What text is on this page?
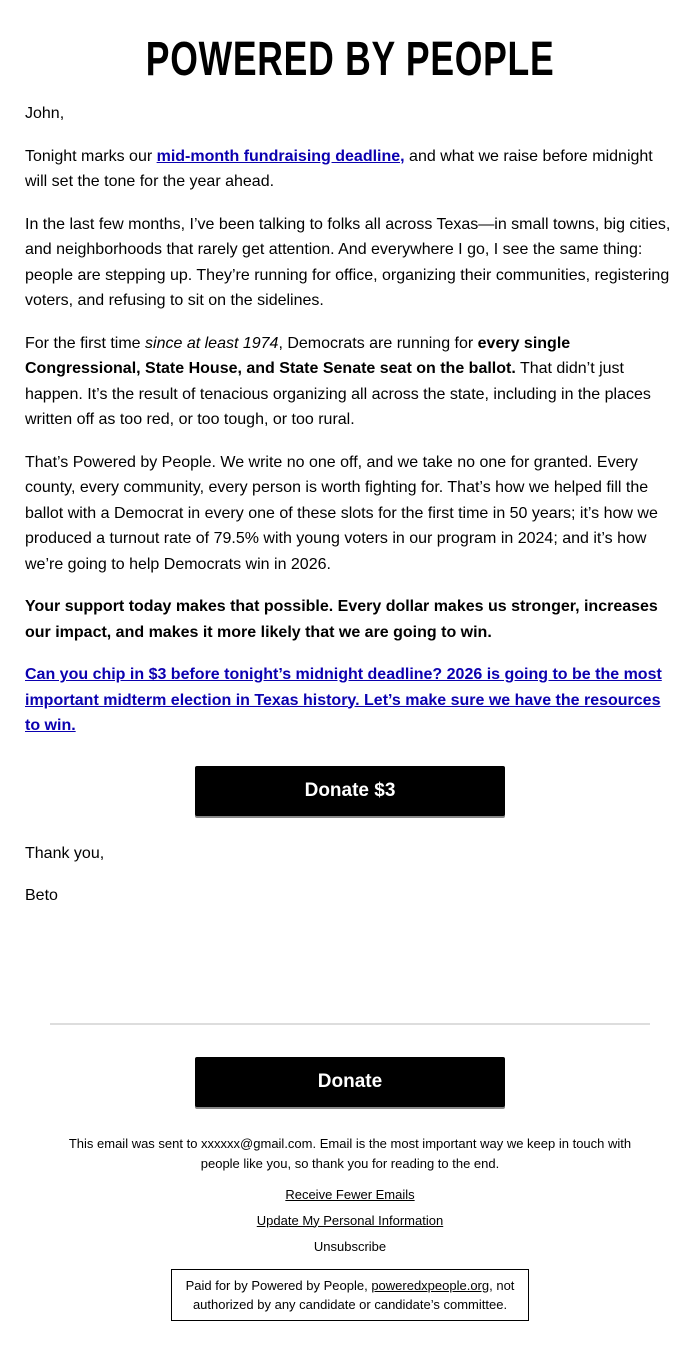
POWERED BY PEOPLE

John,

Tonight marks our mid-month fundraising deadline, and what we raise before midnight will set the tone for the year ahead.

In the last few months, I’ve been talking to folks all across Texas—in small towns, big cities, and neighborhoods that rarely get attention. And everywhere I go, I see the same thing: people are stepping up. They’re running for office, organizing their communities, registering voters, and refusing to sit on the sidelines.

For the first time since at least 1974, Democrats are running for every single Congressional, State House, and State Senate seat on the ballot. That didn’t just happen. It’s the result of tenacious organizing all across the state, including in the places written off as too red, or too tough, or too rural.

That’s Powered by People. We write no one off, and we take no one for granted. Every county, every community, every person is worth fighting for. That’s how we helped fill the ballot with a Democrat in every one of these slots for the first time in 50 years; it’s how we produced a turnout rate of 79.5% with young voters in our program in 2024; and it’s how we’re going to help Democrats win in 2026.

Your support today makes that possible. Every dollar makes us stronger, increases our impact, and makes it more likely that we are going to win.

Can you chip in $3 before tonight’s midnight deadline? 2026 is going to be the most important midterm election in Texas history. Let’s make sure we have the resources to win.

Donate $3

Thank you,

Beto

Donate
This email was sent to xxxxxx@gmail.com. Email is the most important way we keep in touch with people like you, so thank you for reading to the end.
Receive Fewer Emails
Update My Personal Information
Unsubscribe
Paid for by Powered by People, poweredxpeople.org, not authorized by any candidate or candidate’s committee.
